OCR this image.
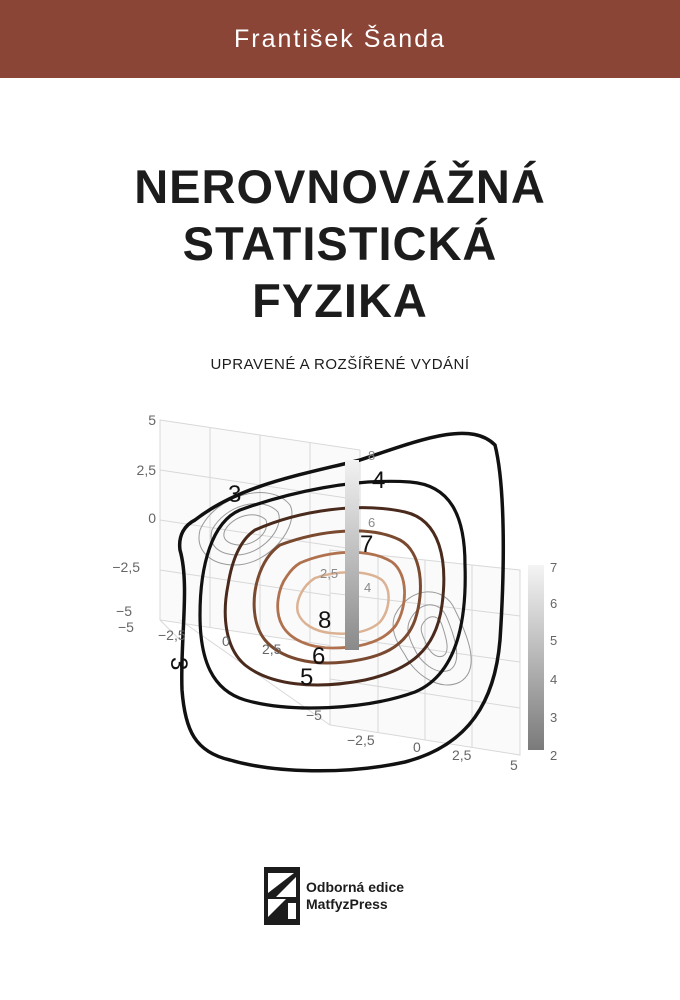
František Šanda
NEROVNOVÁŽNÁ
STATISTICKÁ
FYZIKA
UPRAVENÉ A ROZŠÍŘENÉ VYDÁNÍ
5
2,5
0
−2,5
−5
−5 −2,5	0 2,5
−5
−2,5	0 2,5
5
8
6
4
2,5	7
6
5
4
3
2
3
3
4
5
6
7
8
Odborná edice
MatfyzPress
